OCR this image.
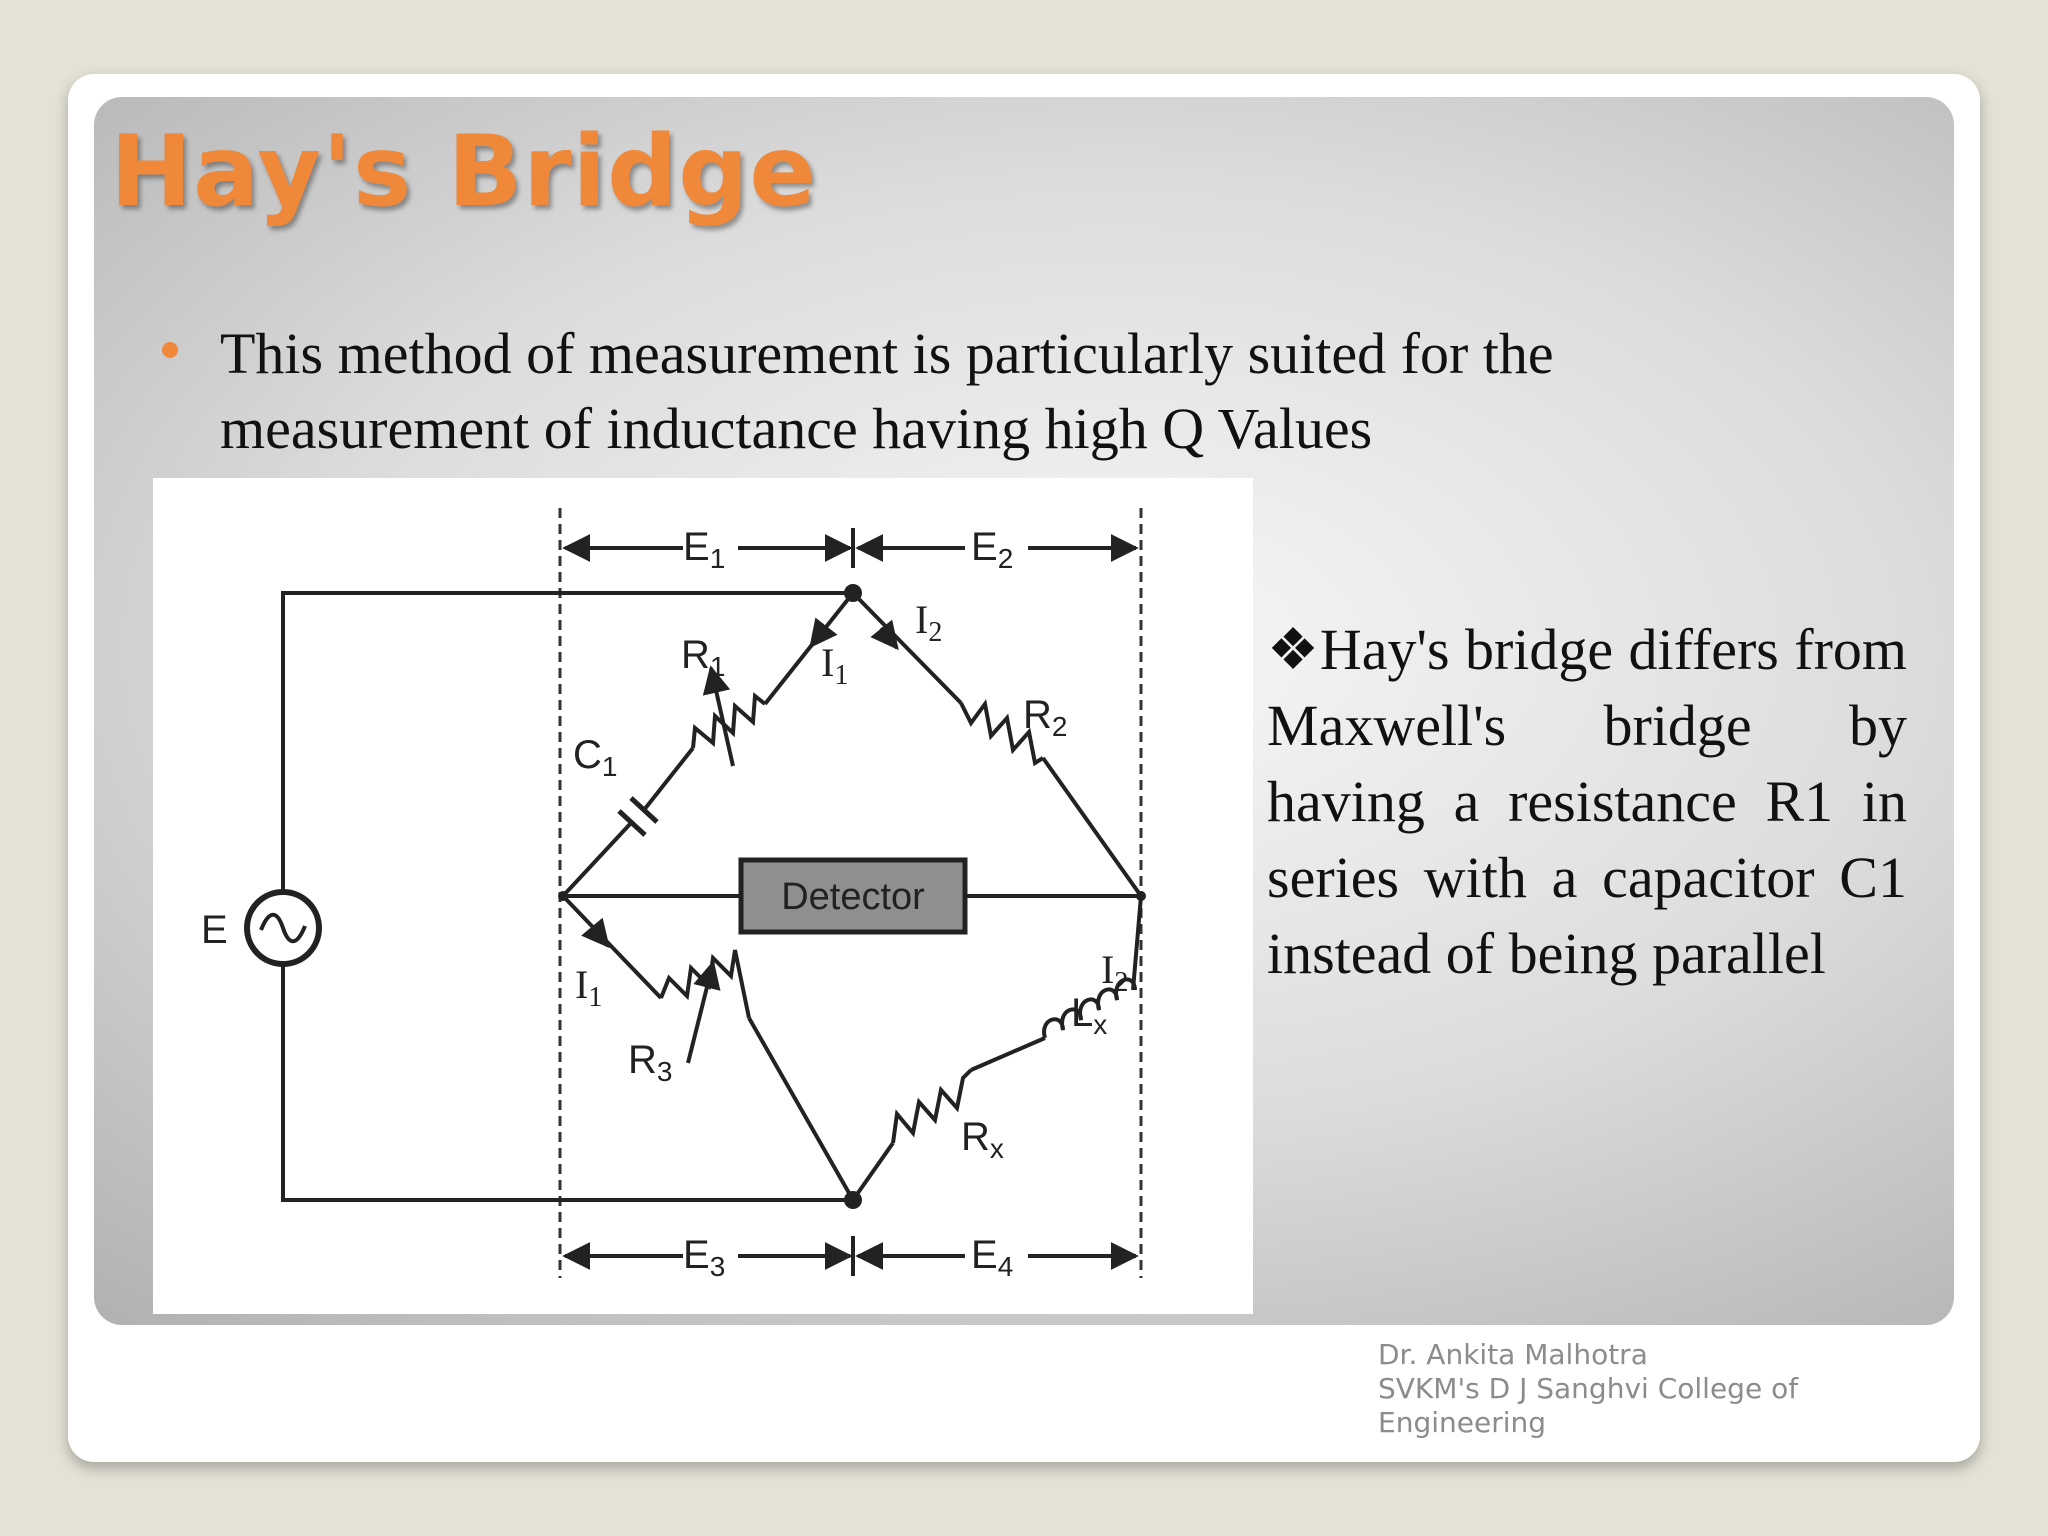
Hay's Bridge
This method of measurement is particularly suited for the measurement of inductance having high Q Values
Detector
$E_1$	$E_2$
$E_3$	$E_4$
E
$R_1$
$R_2$
$R_3$
$R_x$
$C_1$
$L_x$
$I_1$
$I_1$
$I_2$
$I_2$
❖Hay's bridge differs from Maxwell's bridge by having a resistance R1 in series with a capacitor C1 instead of being parallel
Dr. Ankita Malhotra
SVKM's D J Sanghvi College of
Engineering
